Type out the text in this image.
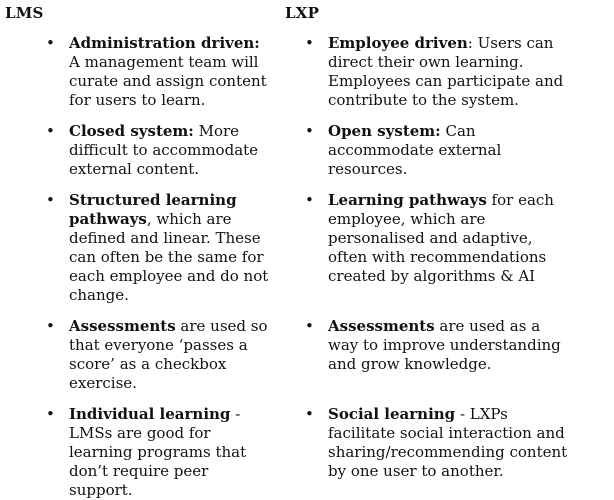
LMS
• Administration driven: A management team will curate and assign content for users to learn.
• Closed system: More difficult to accommodate external content.
• Structured learning pathways, which are defined and linear. These can often be the same for each employee and do not change.
• Assessments are used so that everyone ‘passes a score’ as a checkbox exercise.
• Individual learning - LMSs are good for learning programs that don’t require peer support.
LXP
• Employee driven: Users can direct their own learning. Employees can participate and contribute to the system.
• Open system: Can accommodate external resources.
• Learning pathways for each employee, which are personalised and adaptive, often with recommendations created by algorithms & AI
• Assessments are used as a way to improve understanding and grow knowledge.
• Social learning - LXPs facilitate social interaction and sharing/recommending content by one user to another.
